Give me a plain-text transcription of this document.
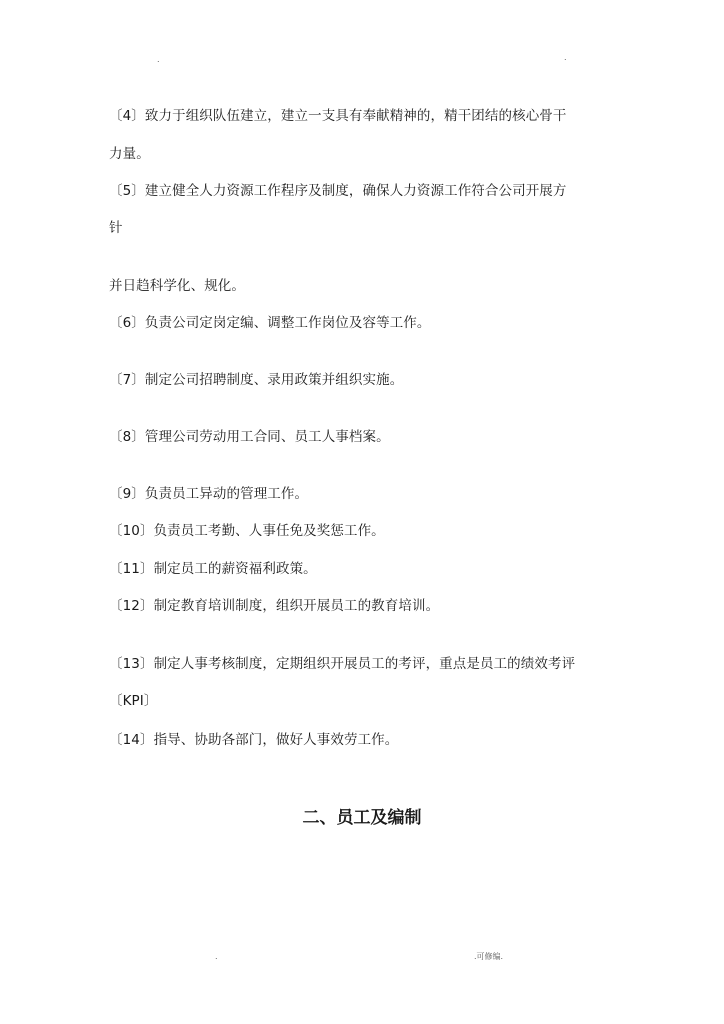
.	.
〔4〕致力于组织队伍建立，建立一支具有奉献精神的，精干团结的核心骨干
力量。
〔5〕建立健全人力资源工作程序及制度，确保人力资源工作符合公司开展方
针
并日趋科学化、规化。
〔6〕负责公司定岗定编、调整工作岗位及容等工作。
〔7〕制定公司招聘制度、录用政策并组织实施。
〔8〕管理公司劳动用工合同、员工人事档案。
〔9〕负责员工异动的管理工作。
〔10〕负责员工考勤、人事任免及奖惩工作。
〔11〕制定员工的薪资福利政策。
〔12〕制定教育培训制度，组织开展员工的教育培训。
〔13〕制定人事考核制度，定期组织开展员工的考评，重点是员工的绩效考评
〔KPI〕
〔14〕指导、协助各部门，做好人事效劳工作。
二、员工及编制
.	.可修编.
